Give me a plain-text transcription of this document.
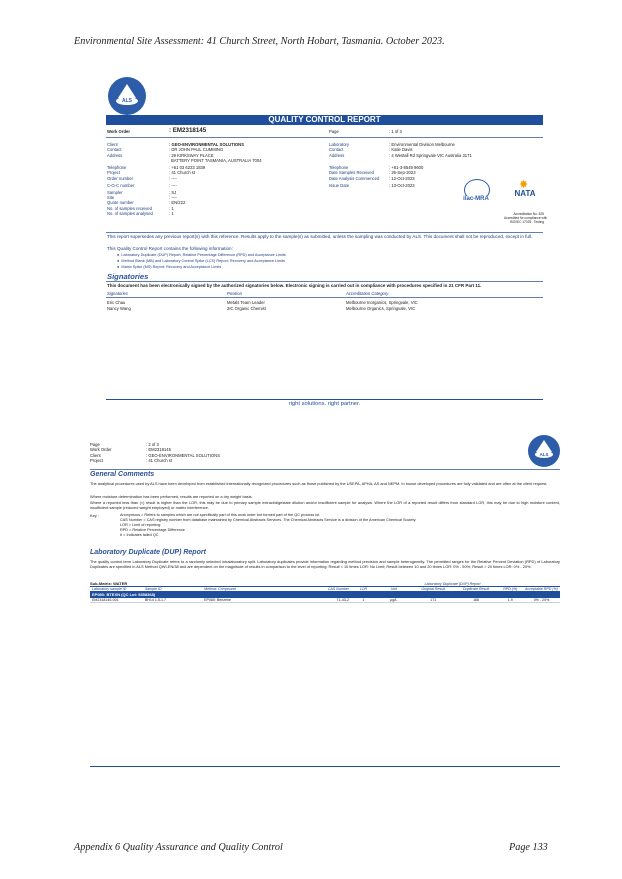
Environmental Site Assessment: 41 Church Street, North Hobart, Tasmania. October 2023.
ALS
QUALITY CONTROL REPORT
Work Order	: EM2318145	Page	: 1 of 3
Client	: GEO-ENVIRONMENTAL SOLUTIONS
Contact	: DR JOHN PAUL CUMMING
Address	: 29 KIRKSWAY PLACE
BATTERY POINT TASMANIA, AUSTRALIA 7004
Telephone	: +61 03 6223 1839
Project	: 41 Church st
Order number	: ----
C-O-C number	: ----
Sampler	: SJ
Site	: ----
Quote number	: EN/222
No. of samples received	: 1
No. of samples analysed	: 1
Laboratory	: Environmental Division Melbourne
Contact	: Katie Davis
Address	: 4 Westall Rd Springvale VIC Australia 3171
Telephone	: +61-3-8549 9600
Date Samples Received	: 26-Sep-2023
Date Analysis Commenced : 12-Oct-2023
Issue Date	: 13-Oct-2023
ilac-MRA
✸
NATA
Accreditation No. 825
Accredited for compliance with
ISO/IEC 17025 - Testing
This report supersedes any previous report(s) with this reference. Results apply to the sample(s) as submitted, unless the sampling was conducted by ALS. This document shall not be reproduced, except in full.
This Quality Control Report contains the following information:
●  Laboratory Duplicate (DUP) Report; Relative Percentage Difference (RPD) and Acceptance Limits
●  Method Blank (MB) and Laboratory Control Spike (LCS) Report; Recovery and Acceptance Limits
●  Matrix Spike (MS) Report; Recovery and Acceptance Limits
Signatories
This document has been electronically signed by the authorized signatories below. Electronic signing is carried out in compliance with procedures specified in 21 CFR Part 11.
Signatories	Position	Accreditation Category
Eric Chau	Metals Team Leader	Melbourne Inorganics, Springvale, VIC
Nancy Wang	2IC Organic Chemist	Melbourne Organics, Springvale, VIC
right solutions. right partner.
Page	: 2 of 3
Work Order	: EM2318145
Client	: GEO-ENVIRONMENTAL SOLUTIONS
Project	: 41 Church st
ALS
General Comments
The analytical procedures used by ALS have been developed from established internationally recognized procedures such as those published by the USEPA, APHA, AS and NEPM. In house developed procedures are fully validated and are often at the client request.
Where moisture determination has been performed, results are reported on a dry weight basis.
Where a reported less than (<) result is higher than the LOR, this may be due to primary sample extract/digestate dilution and/or insufficient sample for analysis. Where the LOR of a reported result differs from standard LOR, this may be due to high moisture content, insufficient sample (reduced weight employed) or matrix interference.
Key :	Anonymous = Refers to samples which are not specifically part of this work order but formed part of the QC process lot
CAS Number = CAS registry number from database maintained by Chemical Abstracts Services. The Chemical Abstracts Service is a division of the American Chemical Society.
LOR = Limit of reporting
RPD = Relative Percentage Difference
# = Indicates failed QC
Laboratory Duplicate (DUP) Report
The quality control term Laboratory Duplicate refers to a randomly selected intralaboratory split. Laboratory duplicates provide information regarding method precision and sample heterogeneity. The permitted ranges for the Relative Percent Deviation (RPD) of Laboratory Duplicates are specified in ALS Method QWI-EN/38 and are dependent on the magnitude of results in comparison to the level of reporting: Result < 10 times LOR: No Limit; Result between 10 and 20 times LOR: 0% - 50%; Result > 20 times LOR: 0% - 20%.
Sub-Matrix: WATER	Laboratory Duplicate (DUP) Report
Laboratory sample ID	Sample ID	Method: Compound	CAS Number	LOR	Unit	Original Result	Duplicate Result	RPD (%)	Acceptable RPD (%)
EP080: BTEXN (QC Lot: 5358368)									
EM2318145-001	BH14 1.5-1.7	EP080: Benzene	71-43-2	1	µg/L	171	168	1.9	0% - 20%
Appendix 6 Quality Assurance and Quality Control	Page 133
